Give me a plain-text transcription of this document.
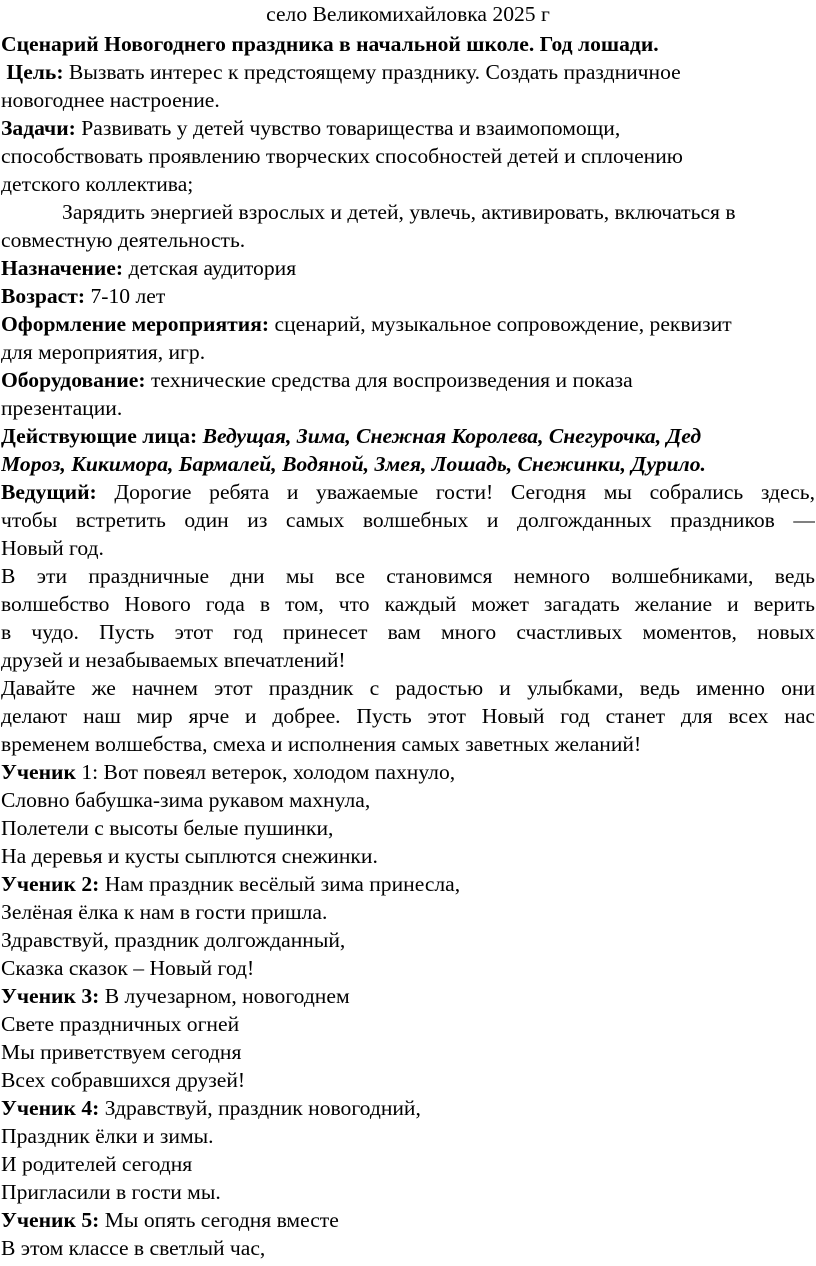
село Великомихайловка 2025 г
Сценарий Новогоднего праздника в начальной школе. Год лошади.
Цель: Вызвать интерес к предстоящему празднику. Создать праздничное
новогоднее настроение.
Задачи: Развивать у детей чувство товарищества и взаимопомощи,
способствовать проявлению творческих способностей детей и сплочению
детского коллектива;
Зарядить энергией взрослых и детей, увлечь, активировать, включаться в
совместную деятельность.
Назначение: детская аудитория
Возраст: 7-10 лет
Оформление мероприятия: сценарий, музыкальное сопровождение, реквизит
для мероприятия, игр.
Оборудование: технические средства для воспроизведения и показа
презентации.
Действующие лица: Ведущая, Зима, Снежная Королева, Снегурочка, Дед
Мороз, Кикимора, Бармалей, Водяной, Змея, Лошадь, Снежинки, Дурило.
Ведущий: Дорогие ребята и уважаемые гости! Сегодня мы собрались здесь,
чтобы встретить один из самых волшебных и долгожданных праздников —
Новый год.
В эти праздничные дни мы все становимся немного волшебниками, ведь
волшебство Нового года в том, что каждый может загадать желание и верить
в чудо. Пусть этот год принесет вам много счастливых моментов, новых
друзей и незабываемых впечатлений!
Давайте же начнем этот праздник с радостью и улыбками, ведь именно они
делают наш мир ярче и добрее. Пусть этот Новый год станет для всех нас
временем волшебства, смеха и исполнения самых заветных желаний!
Ученик 1: Вот повеял ветерок, холодом пахнуло,
Словно бабушка-зима рукавом махнула,
Полетели с высоты белые пушинки,
На деревья и кусты сыплются снежинки.
Ученик 2: Нам праздник весёлый зима принесла,
Зелёная ёлка к нам в гости пришла.
Здравствуй, праздник долгожданный,
Сказка сказок – Новый год!
Ученик 3: В лучезарном, новогоднем
Свете праздничных огней
Мы приветствуем сегодня
Всех собравшихся друзей!
Ученик 4: Здравствуй, праздник новогодний,
Праздник ёлки и зимы.
И родителей сегодня
Пригласили в гости мы.
Ученик 5: Мы опять сегодня вместе
В этом классе в светлый час,
